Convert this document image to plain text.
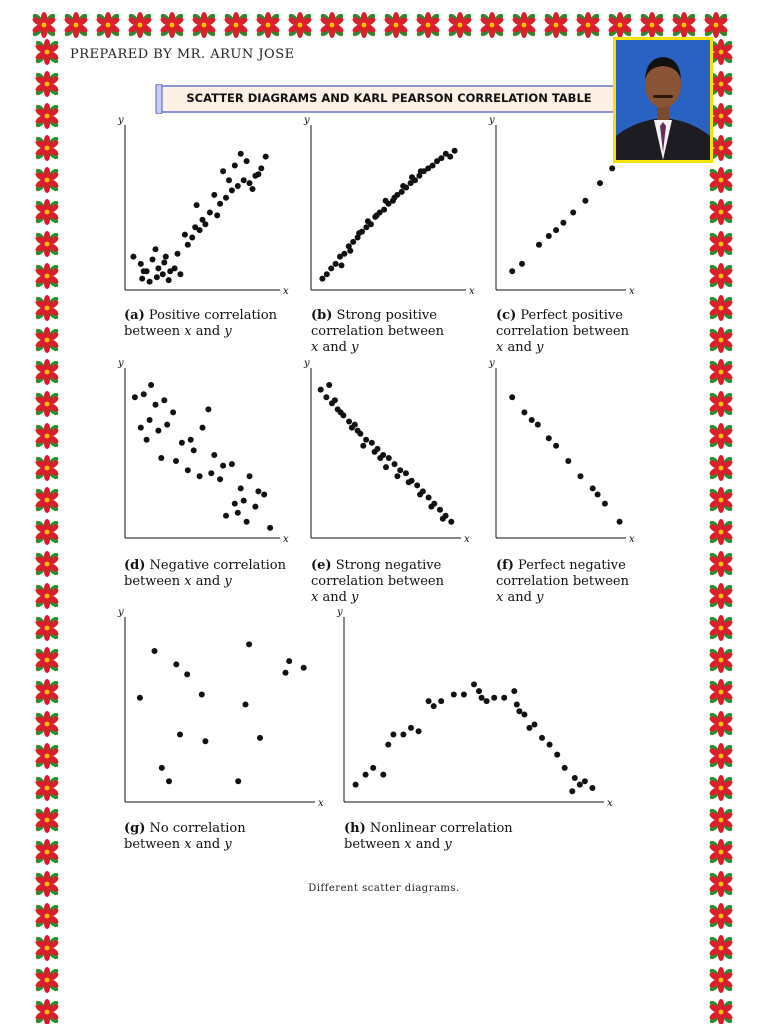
PREPARED BY MR. ARUN JOSE
SCATTER DIAGRAMS AND KARL PEARSON CORRELATION TABLE
y
x
y
x
y
x
y
x
y
x
y
x
y
x
y
x
(a) Positive correlation
between x and y
(b) Strong positive
correlation between
x and y
(c) Perfect positive
correlation between
x and y
(d) Negative correlation
between x and y
(e) Strong negative
correlation between
x and y
(f) Perfect negative
correlation between
x and y
(g) No correlation
between x and y
(h) Nonlinear correlation
between x and y
Different scatter diagrams.
